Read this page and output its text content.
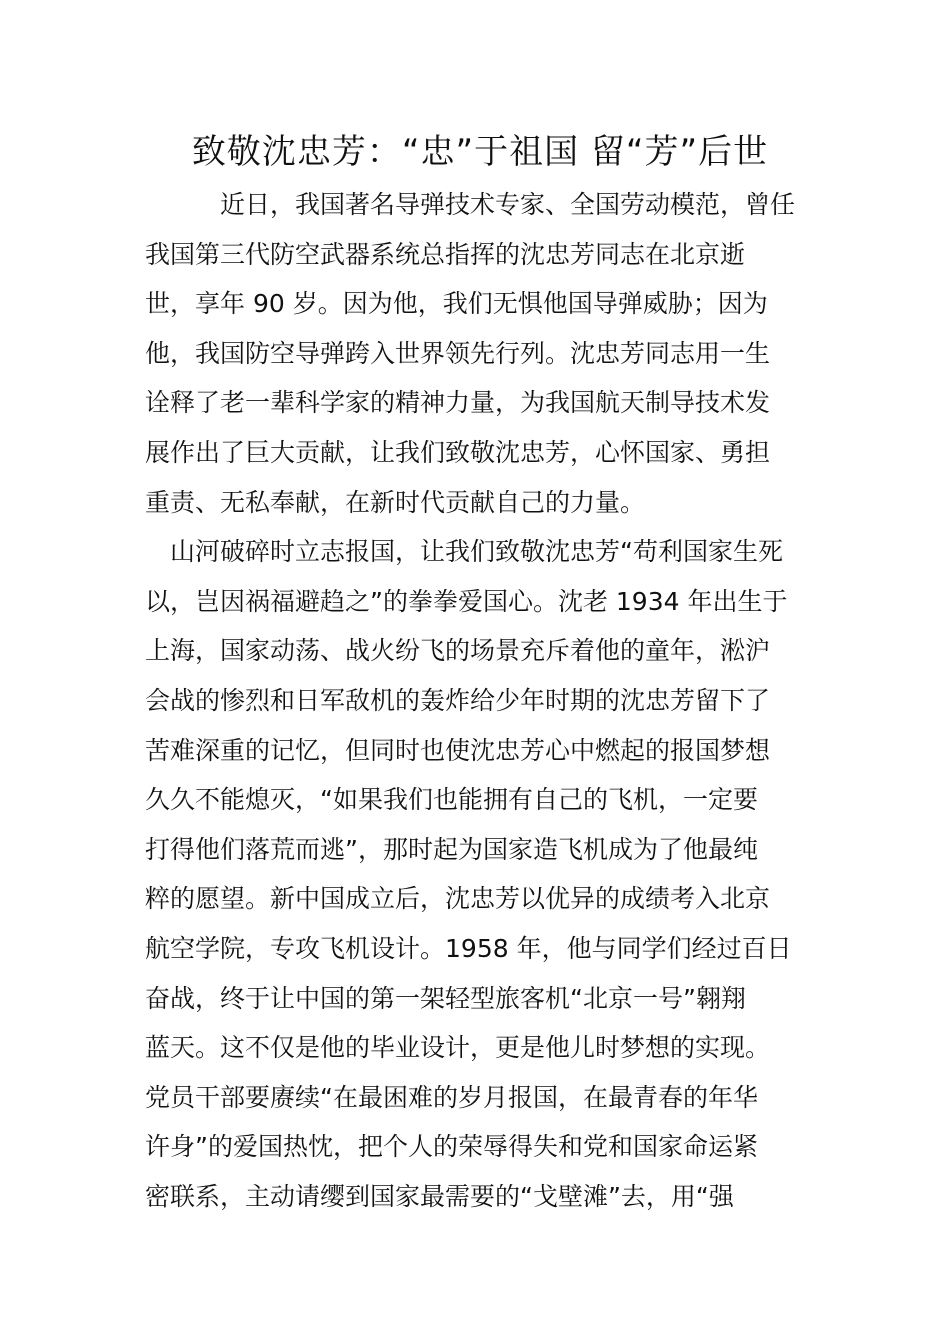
致敬沈忠芳：“忠”于祖国 留“芳”后世
近日，我国著名导弹技术专家、全国劳动模范，曾任
我国第三代防空武器系统总指挥的沈忠芳同志在北京逝
世，享年 90 岁。因为他，我们无惧他国导弹威胁；因为
他，我国防空导弹跨入世界领先行列。沈忠芳同志用一生
诠释了老一辈科学家的精神力量，为我国航天制导技术发
展作出了巨大贡献，让我们致敬沈忠芳，心怀国家、勇担
重责、无私奉献，在新时代贡献自己的力量。
山河破碎时立志报国，让我们致敬沈忠芳“苟利国家生死
以，岂因祸福避趋之”的拳拳爱国心。沈老 1934 年出生于
上海，国家动荡、战火纷飞的场景充斥着他的童年，淞沪
会战的惨烈和日军敌机的轰炸给少年时期的沈忠芳留下了
苦难深重的记忆，但同时也使沈忠芳心中燃起的报国梦想
久久不能熄灭，“如果我们也能拥有自己的飞机，一定要
打得他们落荒而逃”，那时起为国家造飞机成为了他最纯
粹的愿望。新中国成立后，沈忠芳以优异的成绩考入北京
航空学院，专攻飞机设计。1958 年，他与同学们经过百日
奋战，终于让中国的第一架轻型旅客机“北京一号”翱翔
蓝天。这不仅是他的毕业设计，更是他儿时梦想的实现。
党员干部要赓续“在最困难的岁月报国，在最青春的年华
许身”的爱国热忱，把个人的荣辱得失和党和国家命运紧
密联系，主动请缨到国家最需要的“戈壁滩”去，用“强
